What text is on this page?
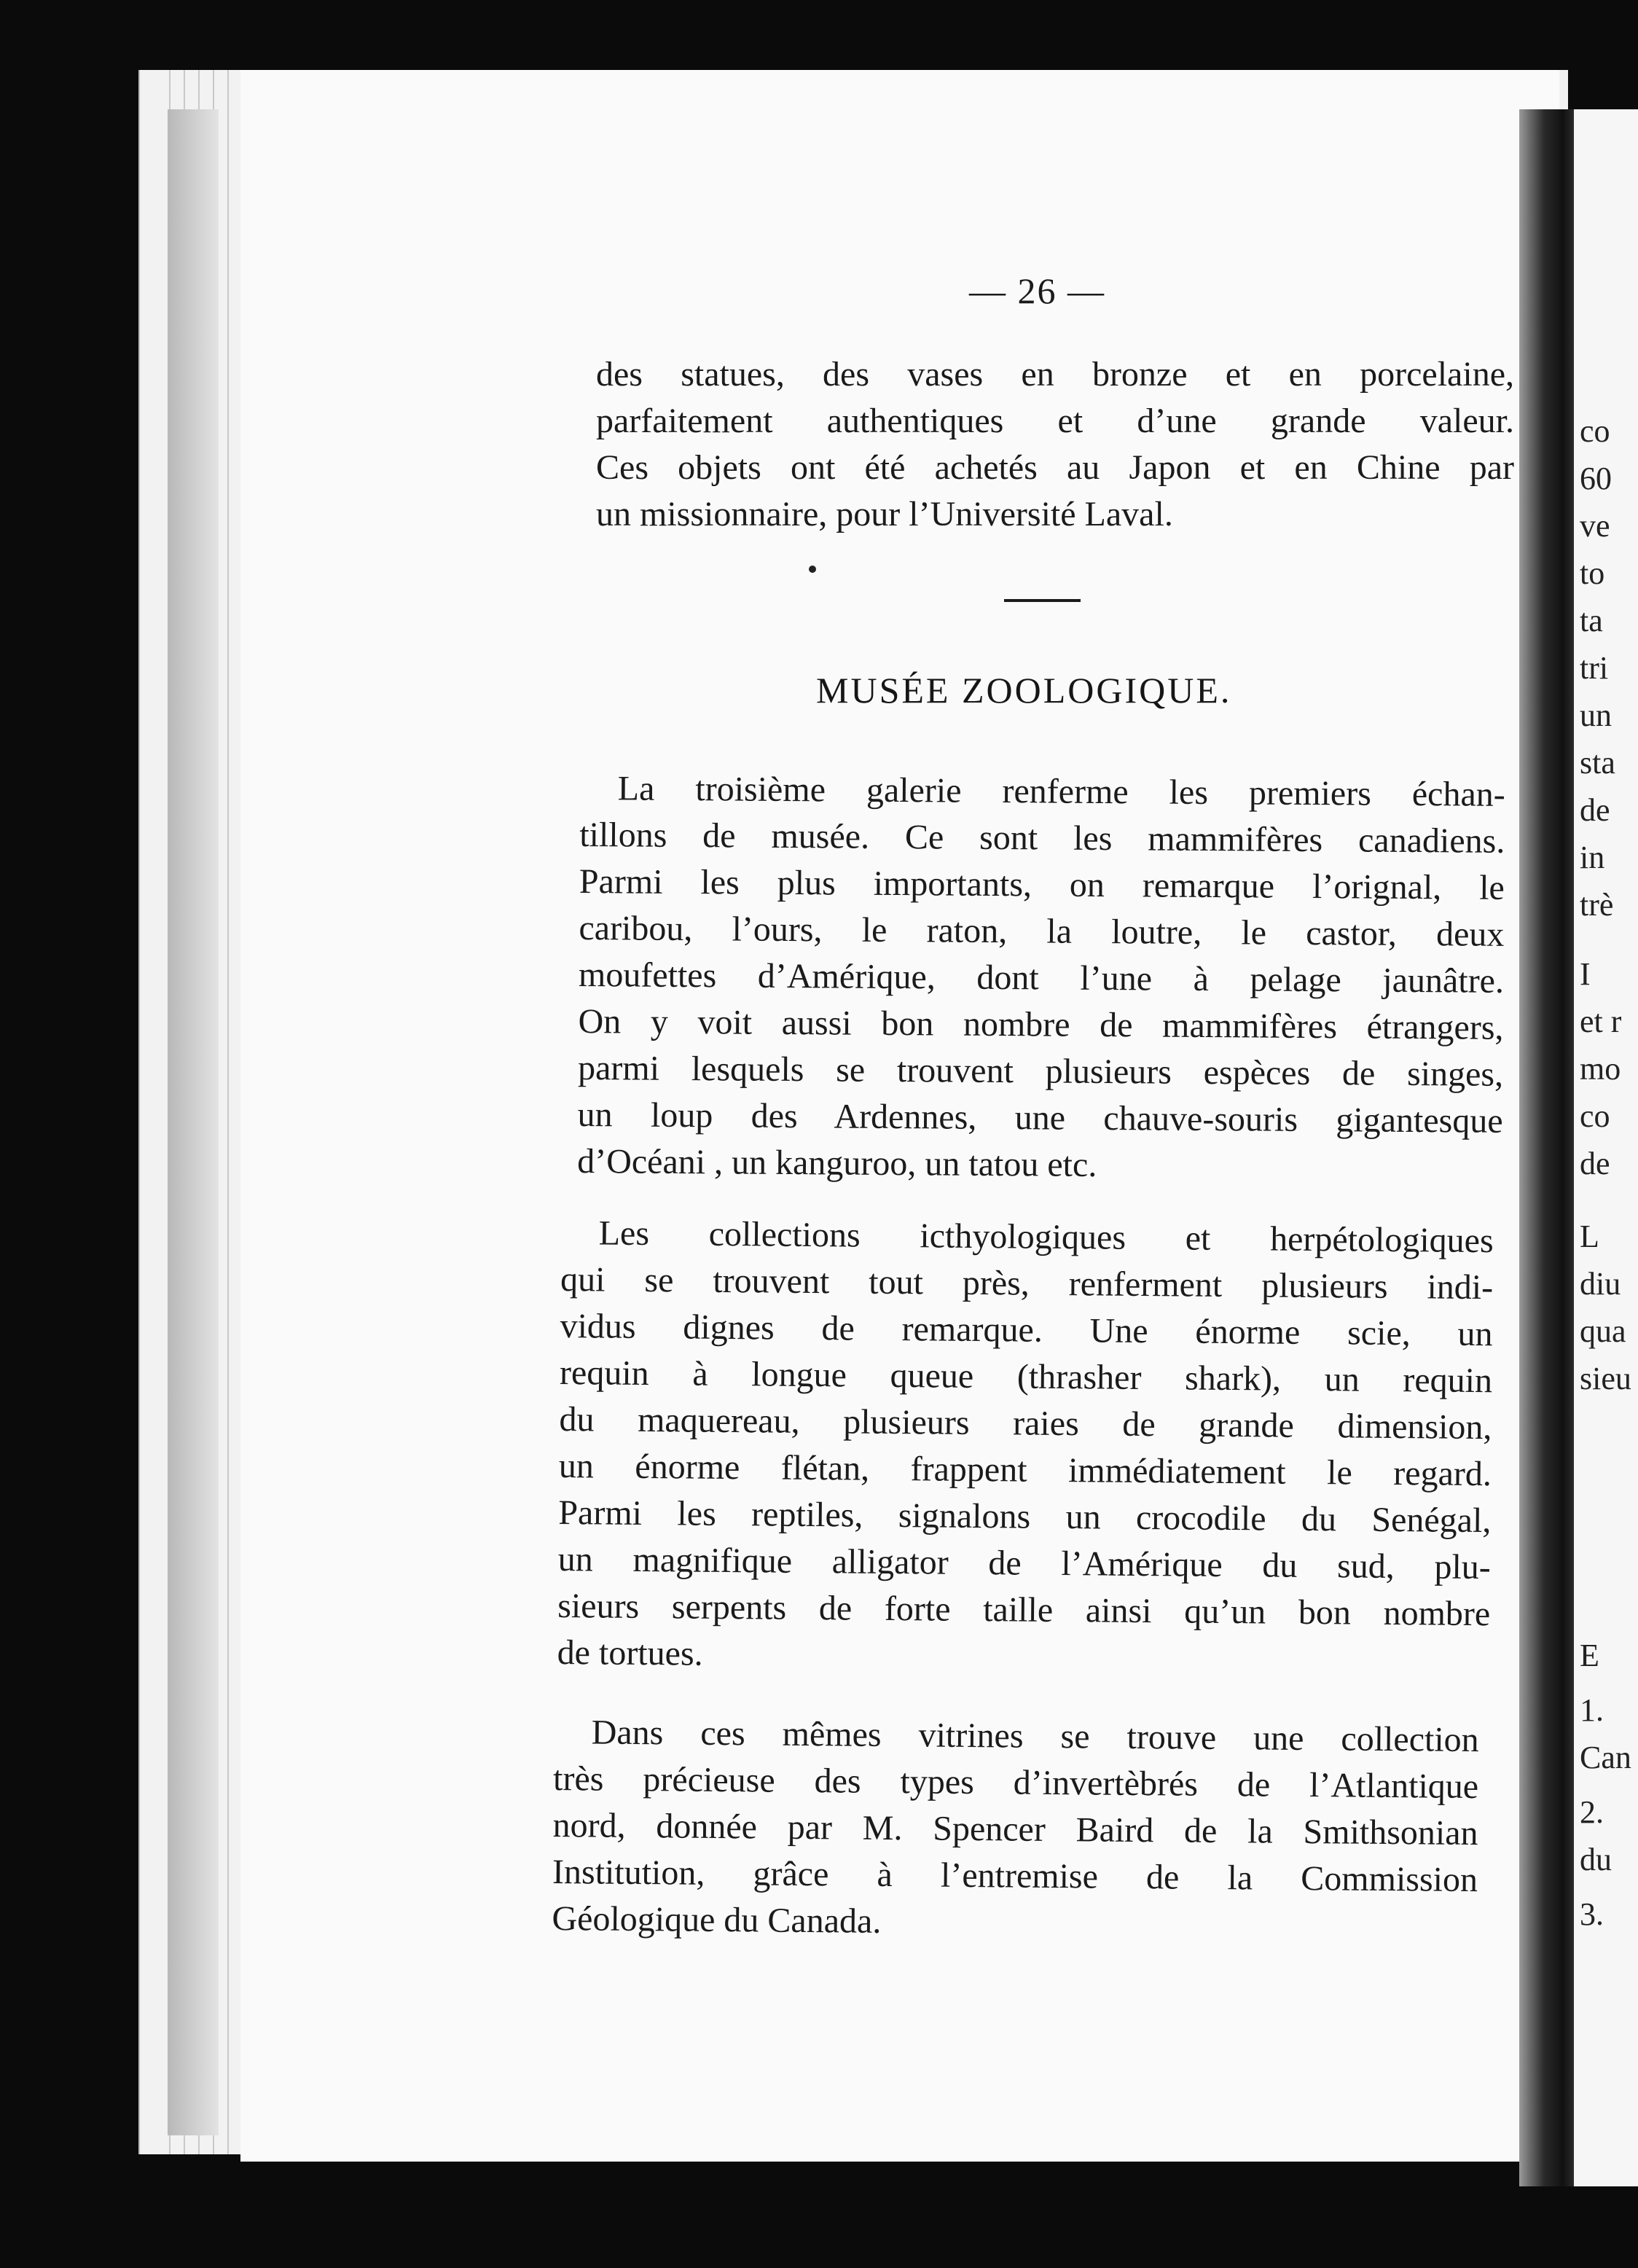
co
60
ve
to
ta
tri
un
sta
de
in
trè
I
et r
mo
co
de
L
diu
qua
sieu
E
1.
Can
2.
du
3.
— 26 —
des statues, des vases en bronze et en porcelaine,
parfaitement authentiques et d’une grande valeur.
Ces objets ont été achetés au Japon et en Chine par
un missionnaire, pour l’Université Laval.
MUSÉE ZOOLOGIQUE.
La troisième galerie renferme les premiers échan-
tillons de musée. Ce sont les mammifères canadiens.
Parmi les plus importants, on remarque l’orignal, le
caribou, l’ours, le raton, la loutre, le castor, deux
moufettes d’Amérique, dont l’une à pelage jaunâtre.
On y voit aussi bon nombre de mammifères étrangers,
parmi lesquels se trouvent plusieurs espèces de singes,
un loup des Ardennes, une chauve-souris gigantesque
d’Océani , un kanguroo, un tatou etc.
Les collections icthyologiques et herpétologiques
qui se trouvent tout près, renferment plusieurs indi-
vidus dignes de remarque. Une énorme scie, un
requin à longue queue (thrasher shark), un requin
du maquereau, plusieurs raies de grande dimension,
un énorme flétan, frappent immédiatement le regard.
Parmi les reptiles, signalons un crocodile du Senégal,
un magnifique alligator de l’Amérique du sud, plu-
sieurs serpents de forte taille ainsi qu’un bon nombre
de tortues.
Dans ces mêmes vitrines se trouve une collection
très précieuse des types d’invertèbrés de l’Atlantique
nord, donnée par M. Spencer Baird de la Smithsonian
Institution, grâce à l’entremise de la Commission
Géologique du Canada.
